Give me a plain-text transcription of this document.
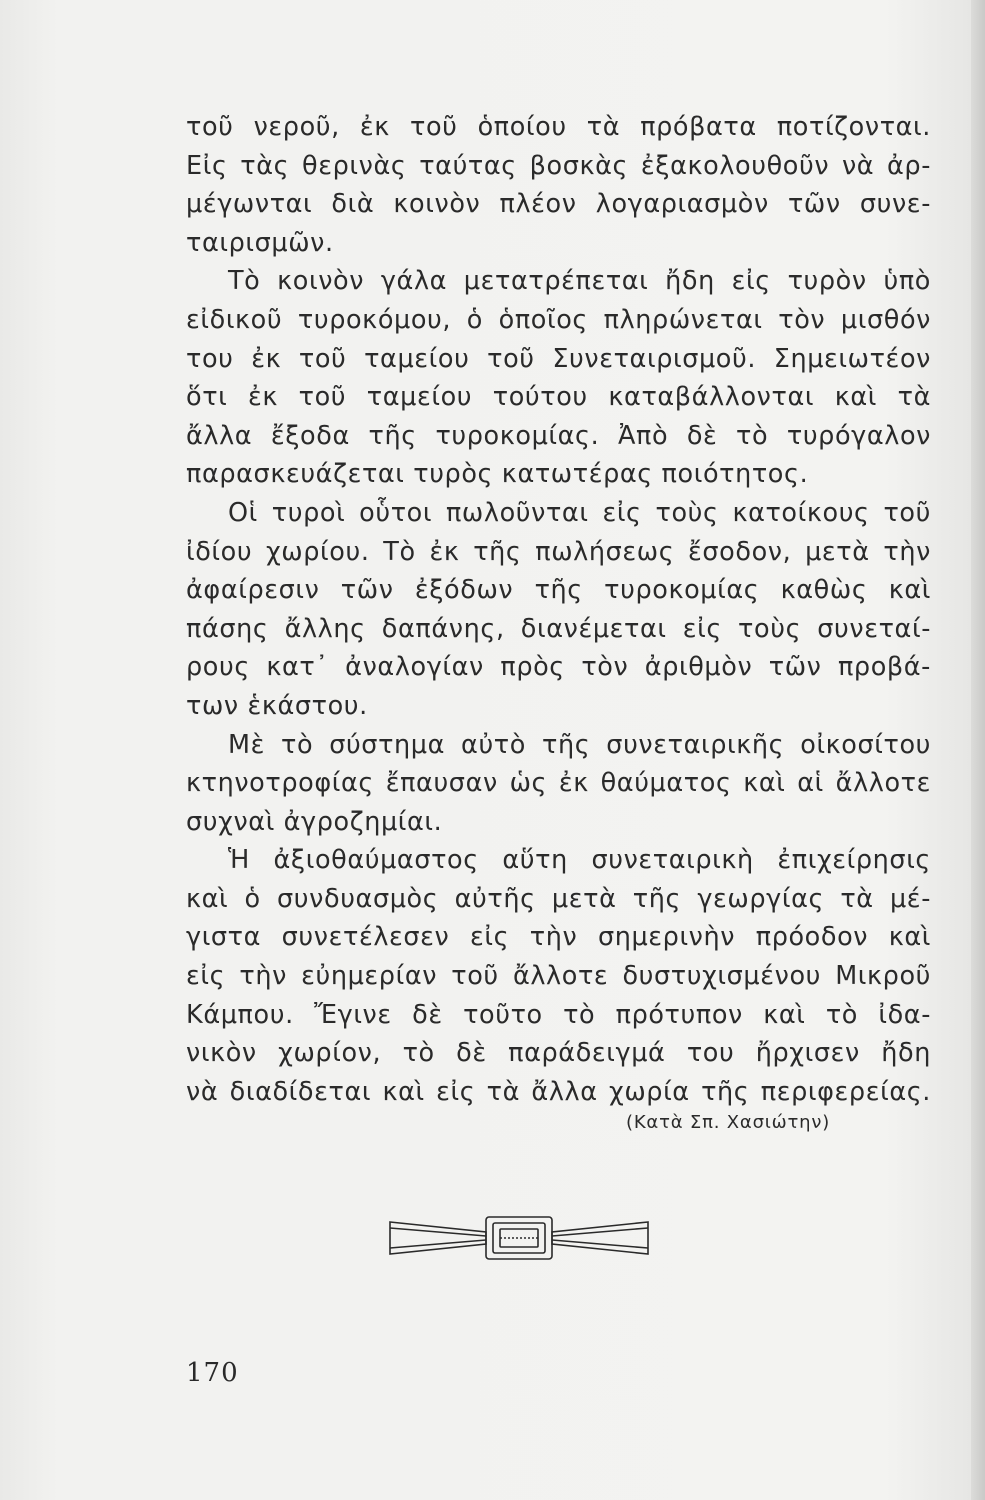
τοῦ νεροῦ, ἐκ τοῦ ὁποίου τὰ πρόβατα ποτίζονται.
Εἰς τὰς θερινὰς ταύτας βοσκὰς ἐξακολουθοῦν νὰ ἀρ-
μέγωνται διὰ κοινὸν πλέον λογαριασμὸν τῶν συνε-
ταιρισμῶν.
Τὸ κοινὸν γάλα μετατρέπεται ἤδη εἰς τυρὸν ὑπὸ
εἰδικοῦ τυροκόμου, ὁ ὁποῖος πληρώνεται τὸν μισθόν
του ἐκ τοῦ ταμείου τοῦ Συνεταιρισμοῦ. Σημειωτέον
ὅτι ἐκ τοῦ ταμείου τούτου καταβάλλονται καὶ τὰ
ἄλλα ἔξοδα τῆς τυροκομίας. Ἀπὸ δὲ τὸ τυρόγαλον
παρασκευάζεται τυρὸς κατωτέρας ποιότητος.
Οἱ τυροὶ οὗτοι πωλοῦνται εἰς τοὺς κατοίκους τοῦ
ἰδίου χωρίου. Τὸ ἐκ τῆς πωλήσεως ἔσοδον, μετὰ τὴν
ἀφαίρεσιν τῶν ἐξόδων τῆς τυροκομίας καθὼς καὶ
πάσης ἄλλης δαπάνης, διανέμεται εἰς τοὺς συνεταί-
ρους κατ᾽ ἀναλογίαν πρὸς τὸν ἀριθμὸν τῶν προβά-
των ἑκάστου.
Μὲ τὸ σύστημα αὐτὸ τῆς συνεταιρικῆς οἰκοσίτου
κτηνοτροφίας ἔπαυσαν ὡς ἐκ θαύματος καὶ αἱ ἄλλοτε
συχναὶ ἀγροζημίαι.
Ἡ ἀξιοθαύμαστος αὕτη συνεταιρικὴ ἐπιχείρησις
καὶ ὁ συνδυασμὸς αὐτῆς μετὰ τῆς γεωργίας τὰ μέ-
γιστα συνετέλεσεν εἰς τὴν σημερινὴν πρόοδον καὶ
εἰς τὴν εὐημερίαν τοῦ ἄλλοτε δυστυχισμένου Μικροῦ
Κάμπου. Ἔγινε δὲ τοῦτο τὸ πρότυπον καὶ τὸ ἰδα-
νικὸν χωρίον, τὸ δὲ παράδειγμά του ἤρχισεν ἤδη
νὰ διαδίδεται καὶ εἰς τὰ ἄλλα χωρία τῆς περιφερείας.
(Κατὰ Σπ. Χασιώτην)
170
